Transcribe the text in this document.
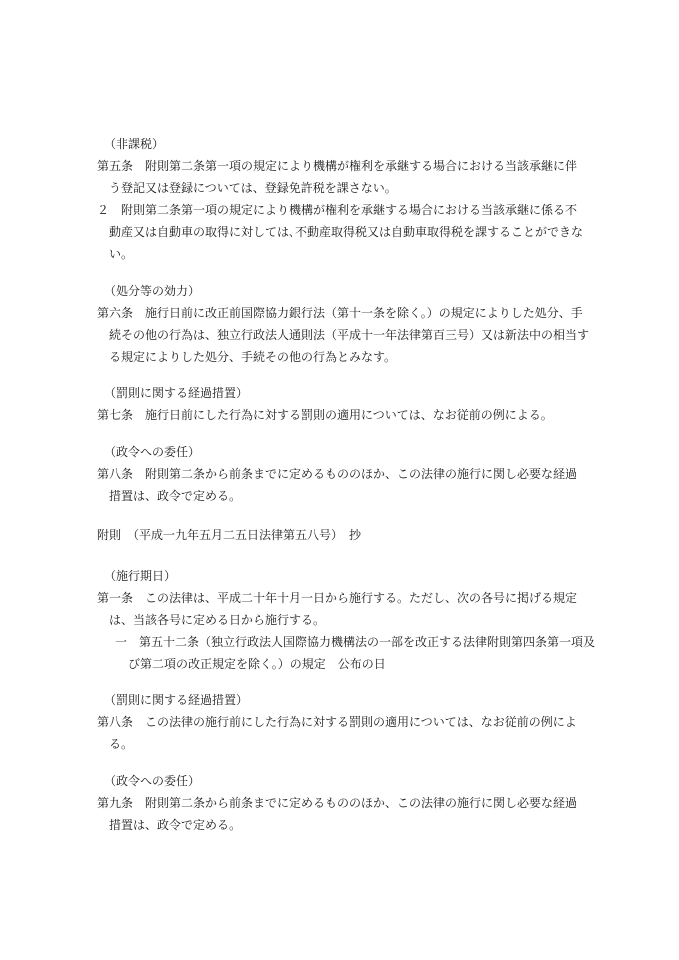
（非課税）
第五条　附則第二条第一項の規定により機構が権利を承継する場合における当該承継に伴
う登記又は登録については、登録免許税を課さない。
２　附則第二条第一項の規定により機構が権利を承継する場合における当該承継に係る不
動産又は自動車の取得に対しては､不動産取得税又は自動車取得税を課することができな
い。
（処分等の効力）
第六条　施行日前に改正前国際協力銀行法（第十一条を除く。）の規定によりした処分、手
続その他の行為は、独立行政法人通則法（平成十一年法律第百三号）又は新法中の相当す
る規定によりした処分、手続その他の行為とみなす。
（罰則に関する経過措置）
第七条　施行日前にした行為に対する罰則の適用については、なお従前の例による。
（政令への委任）
第八条　附則第二条から前条までに定めるもののほか、この法律の施行に関し必要な経過
措置は、政令で定める。
附則　（平成一九年五月二五日法律第五八号）　抄
（施行期日）
第一条　この法律は、平成二十年十月一日から施行する。ただし、次の各号に掲げる規定
は、当該各号に定める日から施行する。
一　第五十二条（独立行政法人国際協力機構法の一部を改正する法律附則第四条第一項及
び第二項の改正規定を除く。）の規定　公布の日
（罰則に関する経過措置）
第八条　この法律の施行前にした行為に対する罰則の適用については、なお従前の例によ
る。
（政令への委任）
第九条　附則第二条から前条までに定めるもののほか、この法律の施行に関し必要な経過
措置は、政令で定める。
